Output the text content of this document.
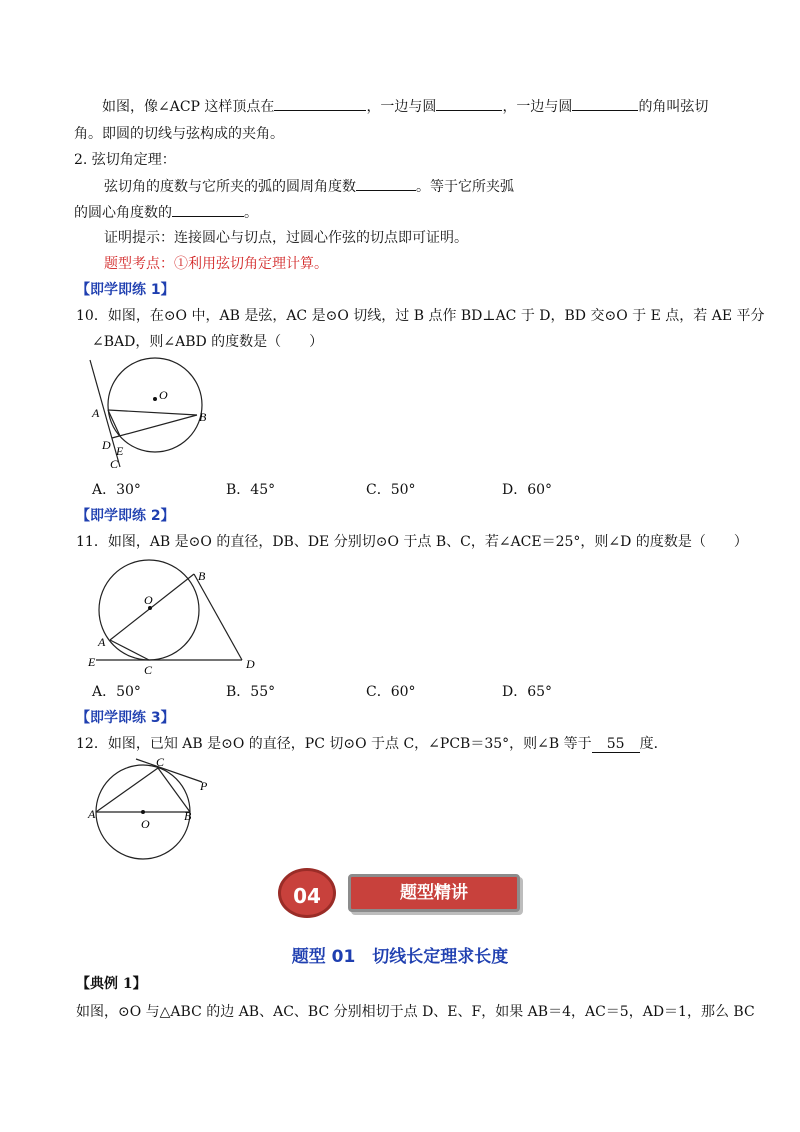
如图，像∠ACP 这样顶点在	，一边与圆	，一边与圆	的角叫弦切
角。即圆的切线与弦构成的夹角。
2. 弦切角定理：
弦切角的度数与它所夹的弧的圆周角度数	。等于它所夹弧
的圆心角度数的	。
证明提示：连接圆心与切点，过圆心作弦的切点即可证明。
题型考点：①利用弦切角定理计算。
【即学即练 1】
10．如图，在⊙O 中，AB 是弦，AC 是⊙O 切线，过 B 点作 BD⊥AC 于 D，BD 交⊙O 于 E 点，若 AE 平分
∠BAD，则∠ABD 的度数是（　　）
O
A	B
D E
C
A．30°	B．45°	C．50°	D．60°
【即学即练 2】
11．如图，AB 是⊙O 的直径，DB、DE 分别切⊙O 于点 B、C，若∠ACE＝25°，则∠D 的度数是（　　）
B
O
A
E
C	D
A．50°	B．55°	C．60°	D．65°
【即学即练 3】
12．如图，已知 AB 是⊙O 的直径，PC 切⊙O 于点 C，∠PCB＝35°，则∠B 等于 55 度．
C
P
A
O
B
04	题型精讲
题型 01　切线长定理求长度
【典例 1】
如图，⊙O 与△ABC 的边 AB、AC、BC 分别相切于点 D、E、F，如果 AB＝4，AC＝5，AD＝1，那么 BC
